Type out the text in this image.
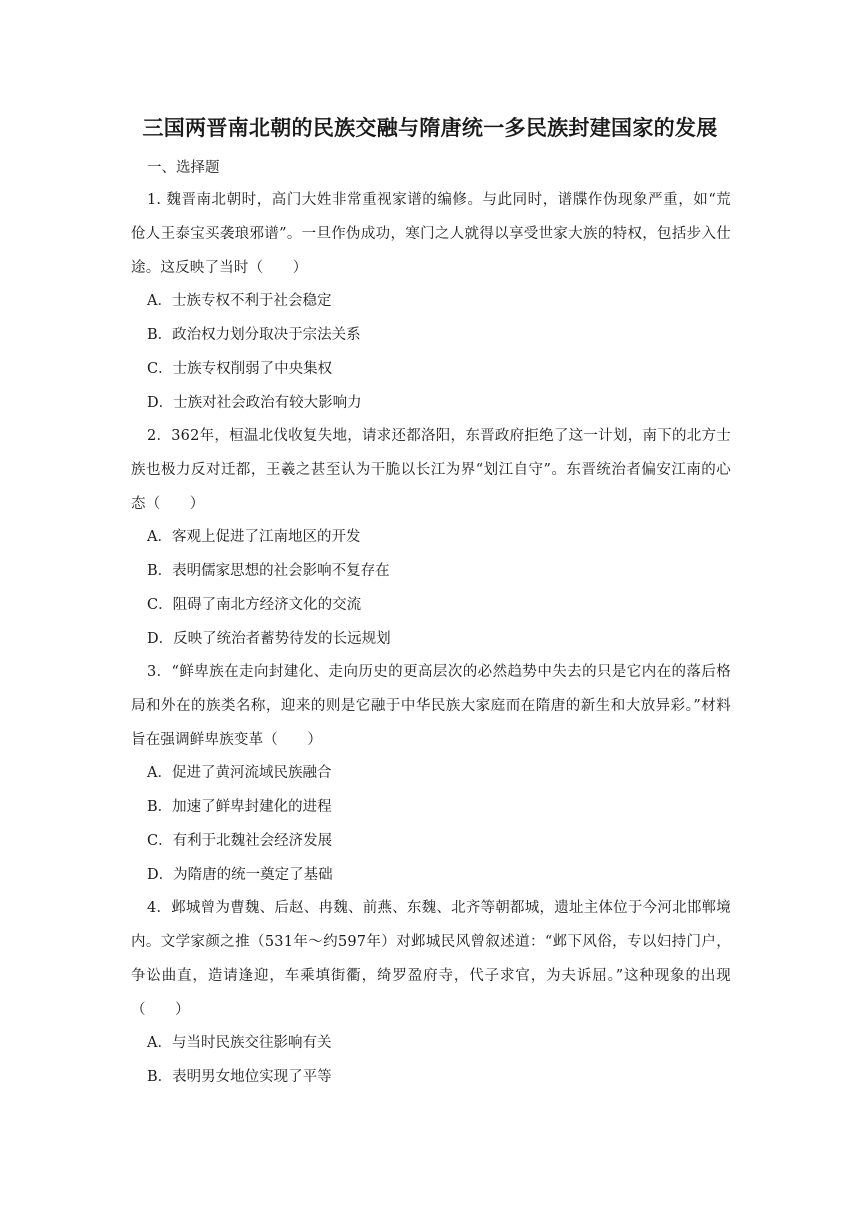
三国两晋南北朝的民族交融与隋唐统一多民族封建国家的发展
一、选择题
1. 魏晋南北朝时，高门大姓非常重视家谱的编修。与此同时，谱牒作伪现象严重，如“荒伧人王泰宝买袭琅邪谱”。一旦作伪成功，寒门之人就得以享受世家大族的特权，包括步入仕途。这反映了当时（　　）
A．士族专权不利于社会稳定
B．政治权力划分取决于宗法关系
C．士族专权削弱了中央集权
D．士族对社会政治有较大影响力
2．362年，桓温北伐收复失地，请求还都洛阳，东晋政府拒绝了这一计划，南下的北方士族也极力反对迁都，王羲之甚至认为干脆以长江为界“划江自守”。东晋统治者偏安江南的心态（　　）
A．客观上促进了江南地区的开发
B．表明儒家思想的社会影响不复存在
C．阻碍了南北方经济文化的交流
D．反映了统治者蓄势待发的长远规划
3．“鲜卑族在走向封建化、走向历史的更高层次的必然趋势中失去的只是它内在的落后格局和外在的族类名称，迎来的则是它融于中华民族大家庭而在隋唐的新生和大放异彩。”材料旨在强调鲜卑族变革（　　）
A．促进了黄河流域民族融合
B．加速了鲜卑封建化的进程
C．有利于北魏社会经济发展
D．为隋唐的统一奠定了基础
4．邺城曾为曹魏、后赵、冉魏、前燕、东魏、北齐等朝都城，遗址主体位于今河北邯郸境内。文学家颜之推（531年～约597年）对邺城民风曾叙述道：“邺下风俗，专以妇持门户，争讼曲直，造请逢迎，车乘填街衢，绮罗盈府寺，代子求官，为夫诉屈。”这种现象的出现（　　）
A．与当时民族交往影响有关
B．表明男女地位实现了平等
